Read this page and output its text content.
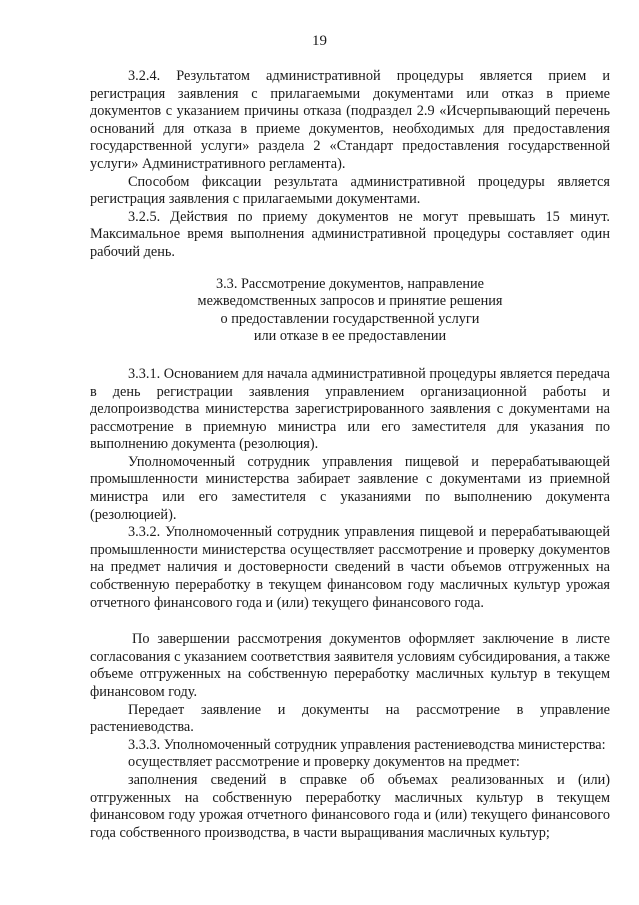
19

3.2.4. Результатом административной процедуры является прием и регистрация заявления с прилагаемыми документами или отказ в приеме документов с указанием причины отказа (подраздел 2.9 «Исчерпывающий перечень оснований для отказа в приеме документов, необходимых для предоставления государственной услуги» раздела 2 «Стандарт предоставления государственной услуги» Административного регламента).

Способом фиксации результата административной процедуры является регистрация заявления с прилагаемыми документами.

3.2.5. Действия по приему документов не могут превышать 15 минут. Максимальное время выполнения административной процедуры составляет один рабочий день.

3.3. Рассмотрение документов, направление
межведомственных запросов и принятие решения
о предоставлении государственной услуги
или отказе в ее предоставлении

3.3.1. Основанием для начала административной процедуры является передача в день регистрации заявления управлением организационной работы и делопроизводства министерства зарегистрированного заявления с документами на рассмотрение в приемную министра или его заместителя для указания по выполнению документа (резолюция).

Уполномоченный сотрудник управления пищевой и перерабатывающей промышленности министерства забирает заявление с документами из приемной министра или его заместителя с указаниями по выполнению документа (резолюцией).

3.3.2. Уполномоченный сотрудник управления пищевой и перерабатывающей промышленности министерства осуществляет рассмотрение и проверку документов на предмет наличия и достоверности сведений в части объемов отгруженных на собственную переработку в текущем финансовом году масличных культур урожая отчетного финансового года и (или) текущего финансового года.

По завершении рассмотрения документов оформляет заключение в листе согласования с указанием соответствия заявителя условиям субсидирования, а также объеме отгруженных на собственную переработку масличных культур в текущем финансовом году.

Передает заявление и документы на рассмотрение в управление растениеводства.

3.3.3. Уполномоченный сотрудник управления растениеводства министерства:

осуществляет рассмотрение и проверку документов на предмет:

заполнения сведений в справке об объемах реализованных и (или) отгруженных на собственную переработку масличных культур в текущем финансовом году урожая отчетного финансового года и (или) текущего финансового года собственного производства, в части выращивания масличных культур;
